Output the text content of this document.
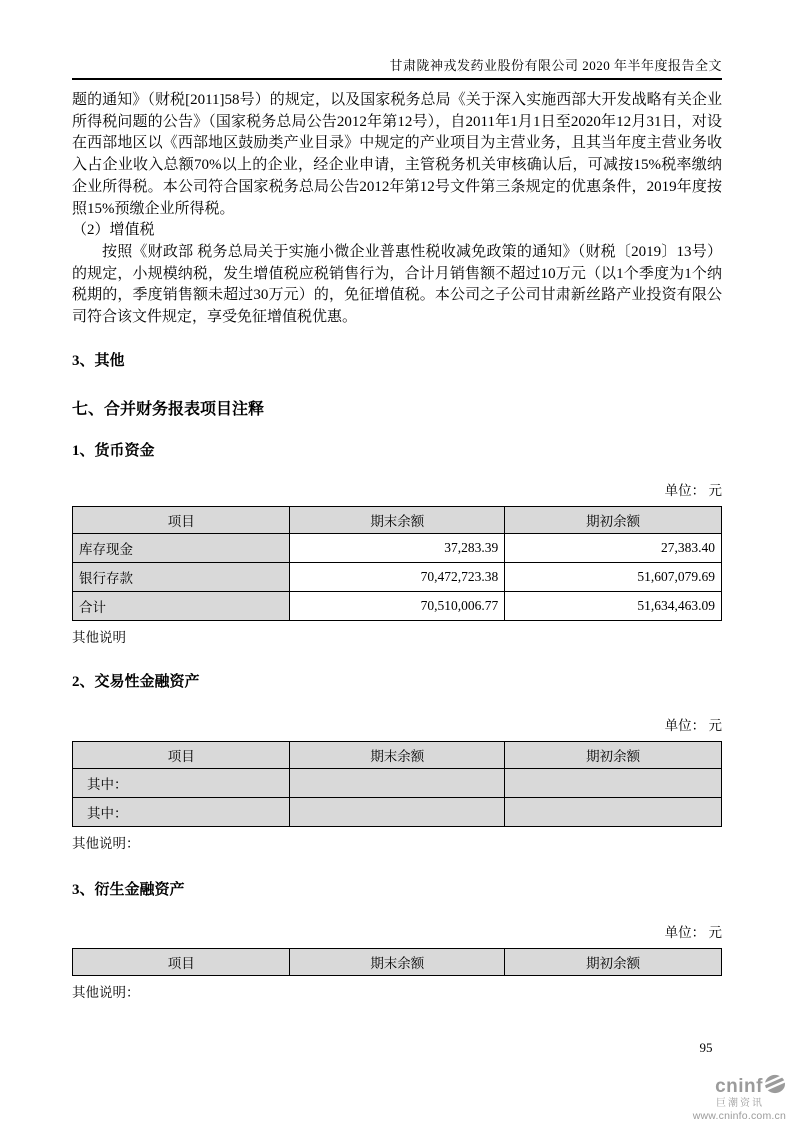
甘肃陇神戎发药业股份有限公司 2020 年半年度报告全文

题的通知》（财税[2011]58号）的规定，以及国家税务总局《关于深入实施西部大开发战略有关企业所得税问题的公告》（国家税务总局公告2012年第12号），自2011年1月1日至2020年12月31日，对设在西部地区以《西部地区鼓励类产业目录》中规定的产业项目为主营业务，且其当年度主营业务收入占企业收入总额70%以上的企业，经企业申请，主管税务机关审核确认后，可减按15%税率缴纳企业所得税。本公司符合国家税务总局公告2012年第12号文件第三条规定的优惠条件，2019年度按照15%预缴企业所得税。

（2）增值税

按照《财政部 税务总局关于实施小微企业普惠性税收减免政策的通知》（财税〔2019〕13号）的规定，小规模纳税，发生增值税应税销售行为，合计月销售额不超过10万元（以1个季度为1个纳税期的，季度销售额未超过30万元）的，免征增值税。本公司之子公司甘肃新丝路产业投资有限公司符合该文件规定，享受免征增值税优惠。

3、其他
七、合并财务报表项目注释
1、货币资金
单位： 元
项目	期末余额	期初余额
库存现金	37,283.39	27,383.40
银行存款	70,472,723.38	51,607,079.69
合计	70,510,006.77	51,634,463.09
其他说明
2、交易性金融资产
单位： 元
项目	期末余额	期初余额
其中：		
其中：		
其他说明：
3、衍生金融资产
单位： 元
项目	期末余额	期初余额
其他说明：
95
cninf
巨潮资讯
www.cninfo.com.cn
